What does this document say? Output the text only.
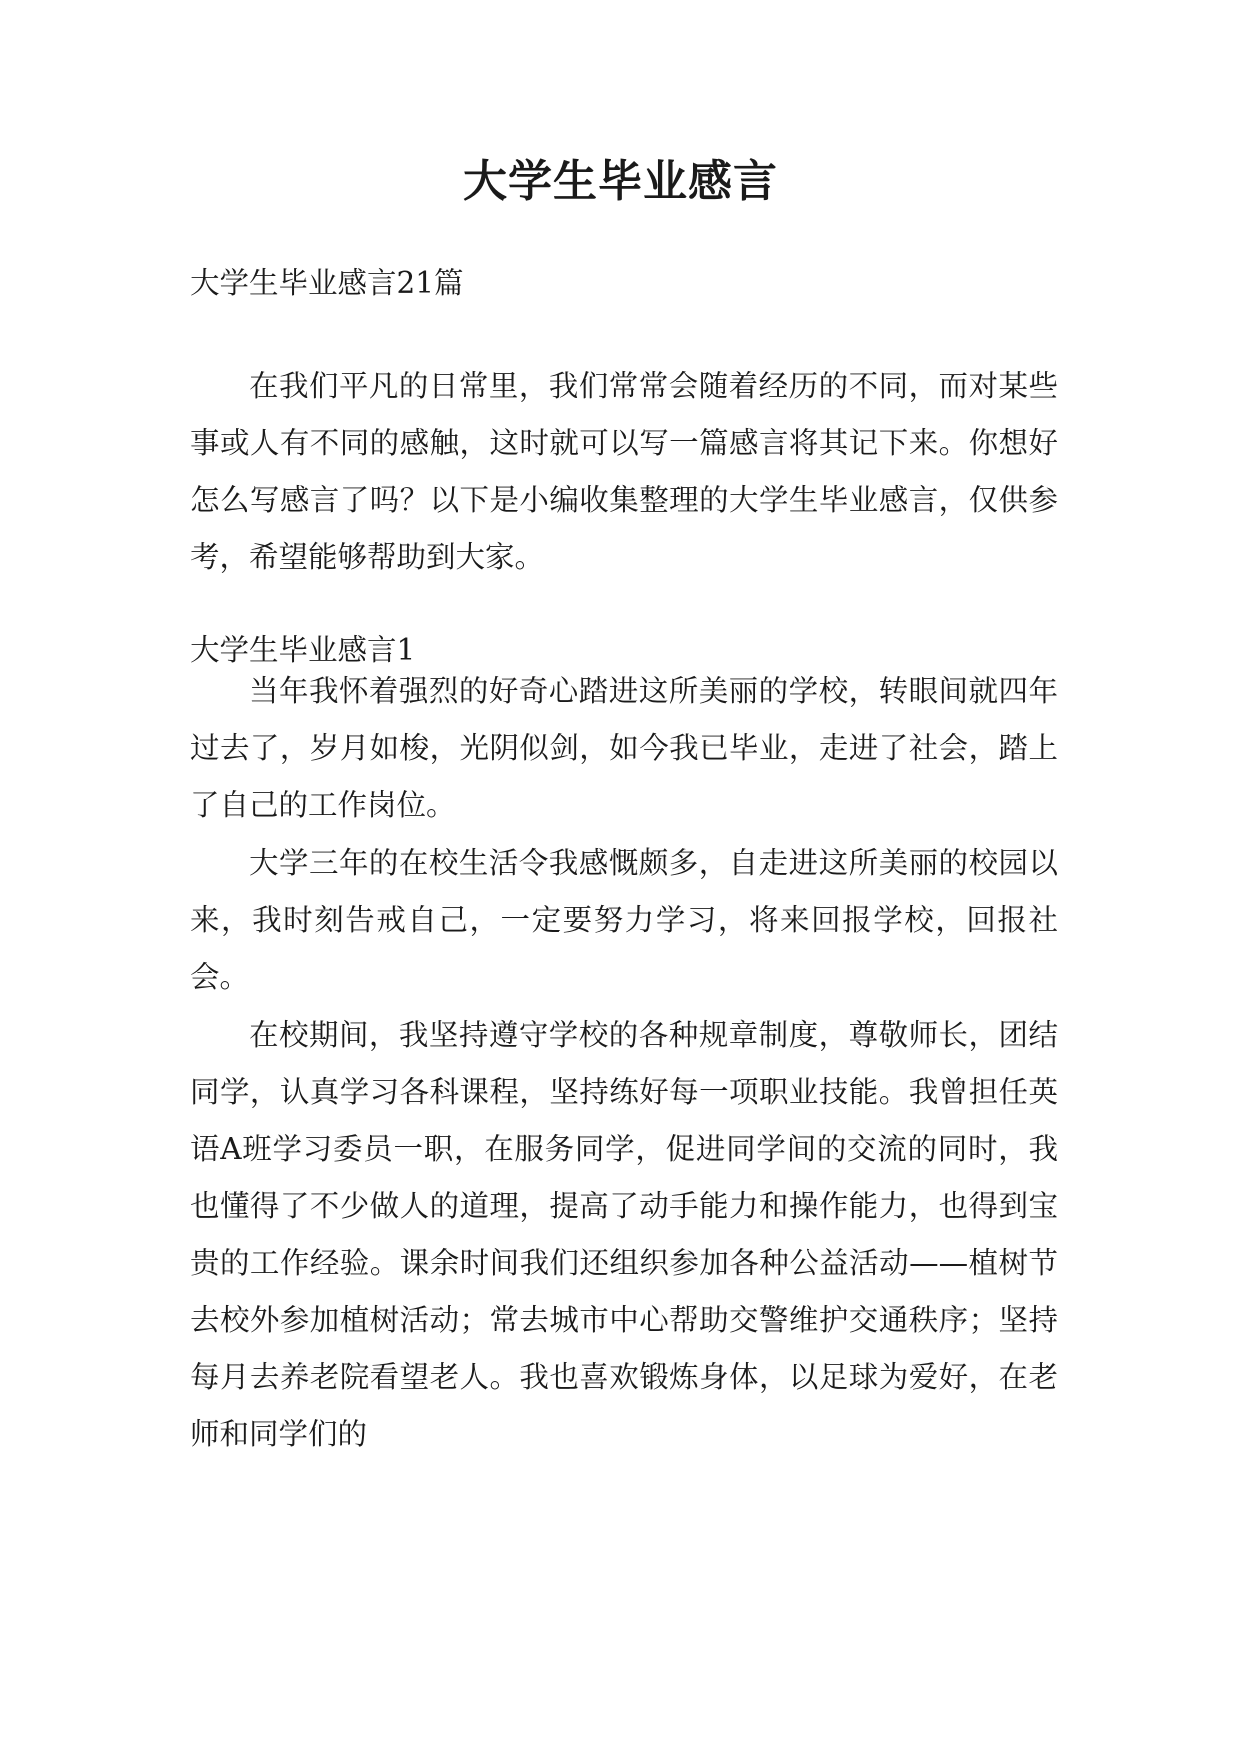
大学生毕业感言

大学生毕业感言21篇

在我们平凡的日常里，我们常常会随着经历的不同，而对某些事或人有不同的感触，这时就可以写一篇感言将其记下来。你想好怎么写感言了吗？以下是小编收集整理的大学生毕业感言，仅供参考，希望能够帮助到大家。

大学生毕业感言1

当年我怀着强烈的好奇心踏进这所美丽的学校，转眼间就四年过去了，岁月如梭，光阴似剑，如今我已毕业，走进了社会，踏上了自己的工作岗位。

大学三年的在校生活令我感慨颇多，自走进这所美丽的校园以来，我时刻告戒自己，一定要努力学习，将来回报学校，回报社会。

在校期间，我坚持遵守学校的各种规章制度，尊敬师长，团结同学，认真学习各科课程，坚持练好每一项职业技能。我曾担任英语A班学习委员一职，在服务同学，促进同学间的交流的同时，我也懂得了不少做人的道理，提高了动手能力和操作能力，也得到宝贵的工作经验。课余时间我们还组织参加各种公益活动——植树节去校外参加植树活动；常去城市中心帮助交警维护交通秩序；坚持每月去养老院看望老人。我也喜欢锻炼身体，以足球为爱好，在老师和同学们的
